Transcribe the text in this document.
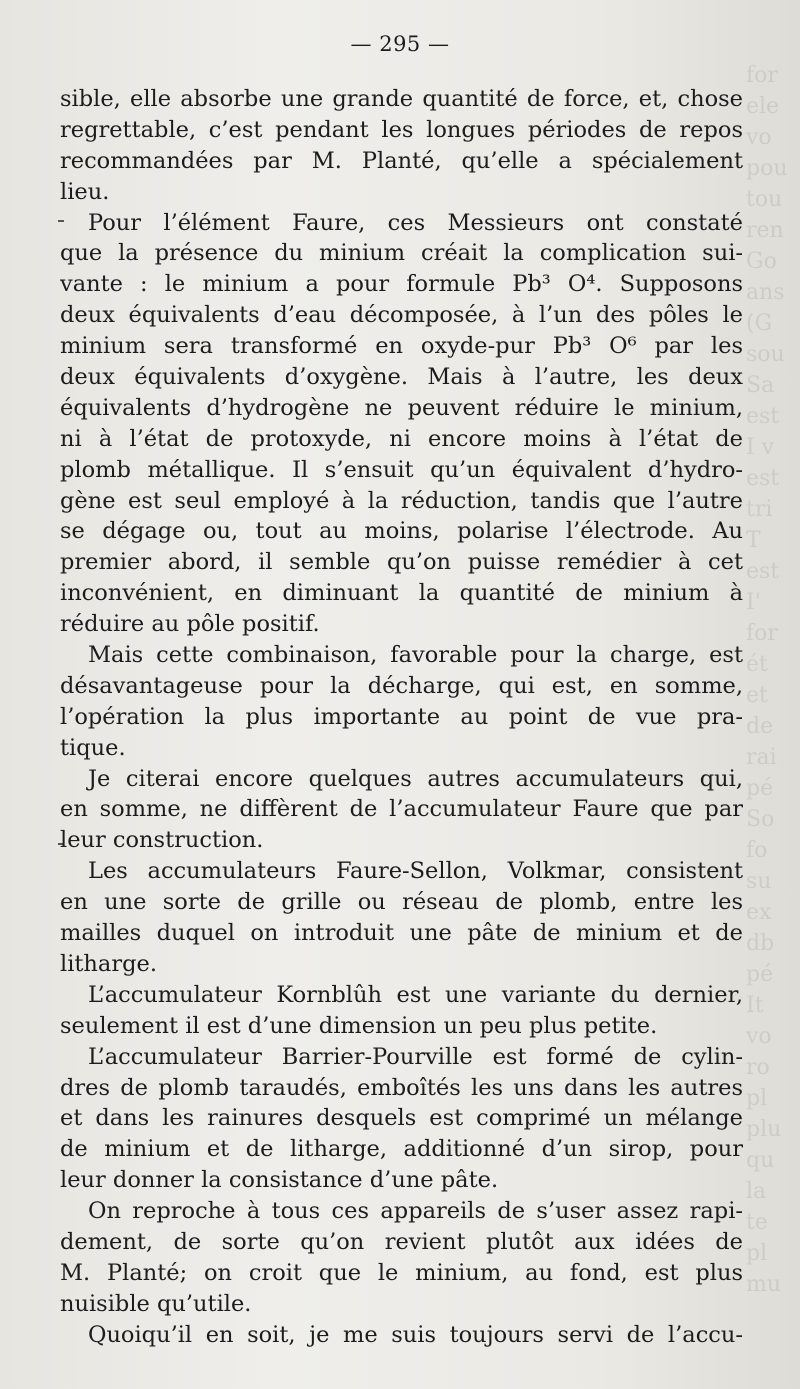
for
ele
vo
pou
tou
ren
Go
ans
(G
sou
Sa
est
I v
est
tri
T
est
I'
for
ét
et
de
rai
pé
So
fo
su
ex
db
pé
It
vo
ro
pl
plu
qu
la
te
pl
mu
— 295 —
sible, elle absorbe une grande quantité de force, et, chose
regrettable, c’est pendant les longues périodes de repos
recommandées par M. Planté, qu’elle a spécialement
lieu.
Pour l’élément Faure, ces Messieurs ont constaté
que la présence du minium créait la complication sui-
vante : le minium a pour formule Pb³ O⁴. Supposons
deux équivalents d’eau décomposée, à l’un des pôles le
minium sera transformé en oxyde-pur Pb³ O⁶ par les
deux équivalents d’oxygène. Mais à l’autre, les deux
équivalents d’hydrogène ne peuvent réduire le minium,
ni à l’état de protoxyde, ni encore moins à l’état de
plomb métallique. Il s’ensuit qu’un équivalent d’hydro-
gène est seul employé à la réduction, tandis que l’autre
se dégage ou, tout au moins, polarise l’électrode. Au
premier abord, il semble qu’on puisse remédier à cet
inconvénient, en diminuant la quantité de minium à
réduire au pôle positif.
Mais cette combinaison, favorable pour la charge, est
désavantageuse pour la décharge, qui est, en somme,
l’opération la plus importante au point de vue pra-
tique.
Je citerai encore quelques autres accumulateurs qui,
en somme, ne diffèrent de l’accumulateur Faure que par
leur construction.
Les accumulateurs Faure-Sellon, Volkmar, consistent
en une sorte de grille ou réseau de plomb, entre les
mailles duquel on introduit une pâte de minium et de
litharge.
L’accumulateur Kornblûh est une variante du dernier,
seulement il est d’une dimension un peu plus petite.
L’accumulateur Barrier-Pourville est formé de cylin-
dres de plomb taraudés, emboîtés les uns dans les autres
et dans les rainures desquels est comprimé un mélange
de minium et de litharge, additionné d’un sirop, pour
leur donner la consistance d’une pâte.
On reproche à tous ces appareils de s’user assez rapi-
dement, de sorte qu’on revient plutôt aux idées de
M. Planté; on croit que le minium, au fond, est plus
nuisible qu’utile.
Quoiqu’il en soit, je me suis toujours servi de l’accu-
